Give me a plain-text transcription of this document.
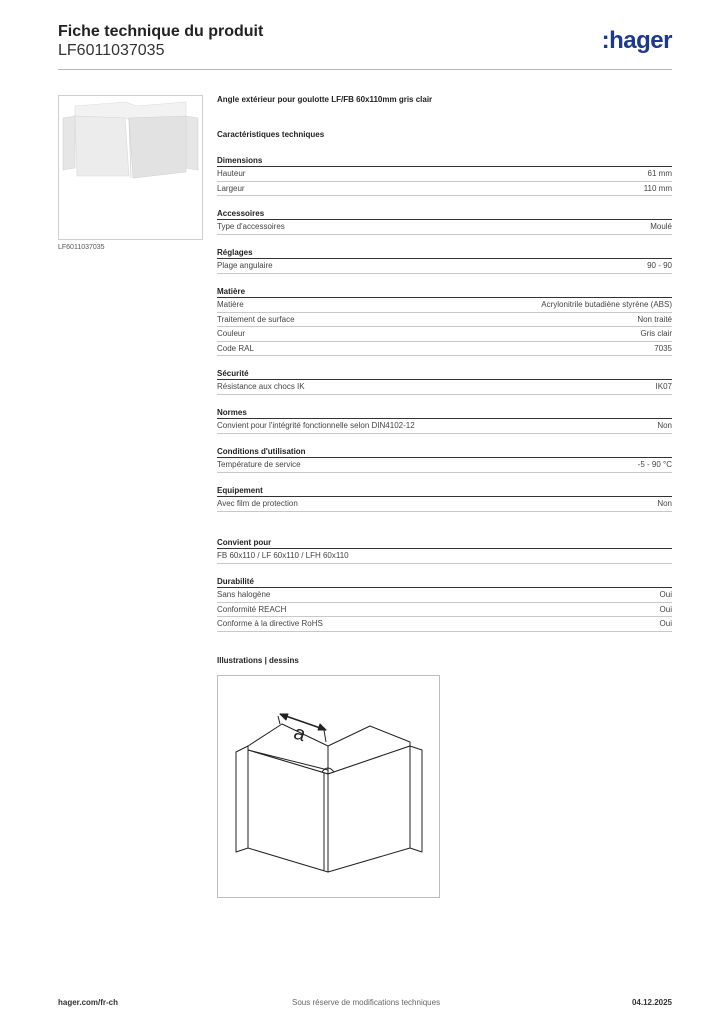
Fiche technique du produit
LF6011037035	:hager
LF6011037035
Angle extérieur pour goulotte LF/FB 60x110mm gris clair
Caractéristiques techniques
Dimensions
Hauteur	61 mm
Largeur	110 mm
Accessoires
Type d'accessoires	Moulé
Réglages
Plage angulaire	90 - 90
Matière
Matière	Acrylonitrile butadiène styrène (ABS)
Traitement de surface	Non traité
Couleur	Gris clair
Code RAL	7035
Sécurité
Résistance aux chocs IK	IK07
Normes
Convient pour l'intégrité fonctionnelle selon DIN4102-12	Non
Conditions d'utilisation
Température de service	-5 - 90 °C
Equipement
Avec film de protection	Non
Convient pour
FB 60x110 / LF 60x110 / LFH 60x110
Durabilité
Sans halogène	Oui
Conformité REACH	Oui
Conforme à la directive RoHS	Oui
Illustrations | dessins
a
hager.com/fr-ch	Sous réserve de modifications techniques	04.12.2025
